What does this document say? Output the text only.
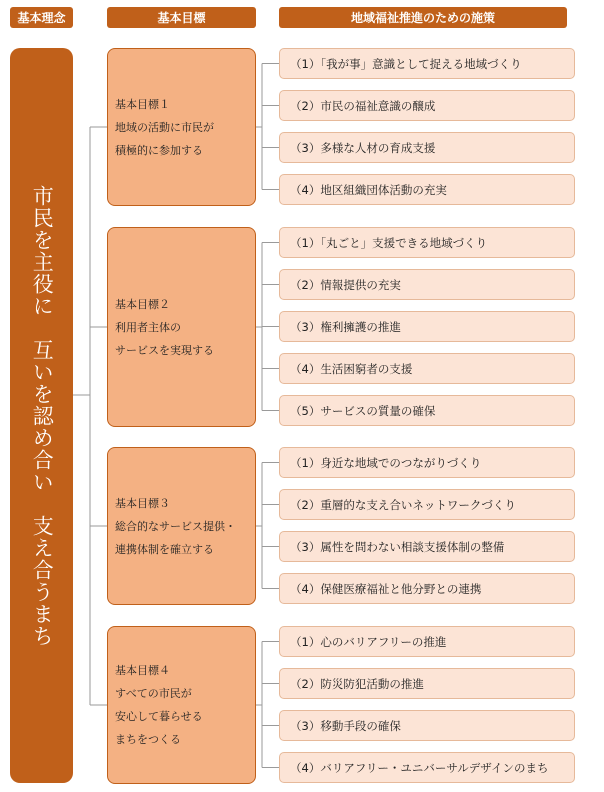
基本理念	基本目標	地域福祉推進のための施策
市民を主役に　互いを認め合い　支え合うまち
基本目標１
地域の活動に市民が
積極的に参加する
基本目標２
利用者主体の
サービスを実現する
基本目標３
総合的なサービス提供・
連携体制を確立する
基本目標４
すべての市民が
安心して暮らせる
まちをつくる
（1）「我が事」意識として捉える地域づくり
（2）市民の福祉意識の醸成
（3）多様な人材の育成支援
（4）地区組織団体活動の充実
（1）「丸ごと」支援できる地域づくり
（2）情報提供の充実
（3）権利擁護の推進
（4）生活困窮者の支援
（5）サービスの質量の確保
（1）身近な地域でのつながりづくり
（2）重層的な支え合いネットワークづくり
（3）属性を問わない相談支援体制の整備
（4）保健医療福祉と他分野との連携
（1）心のバリアフリーの推進
（2）防災防犯活動の推進
（3）移動手段の確保
（4）バリアフリー・ユニバーサルデザインのまち
